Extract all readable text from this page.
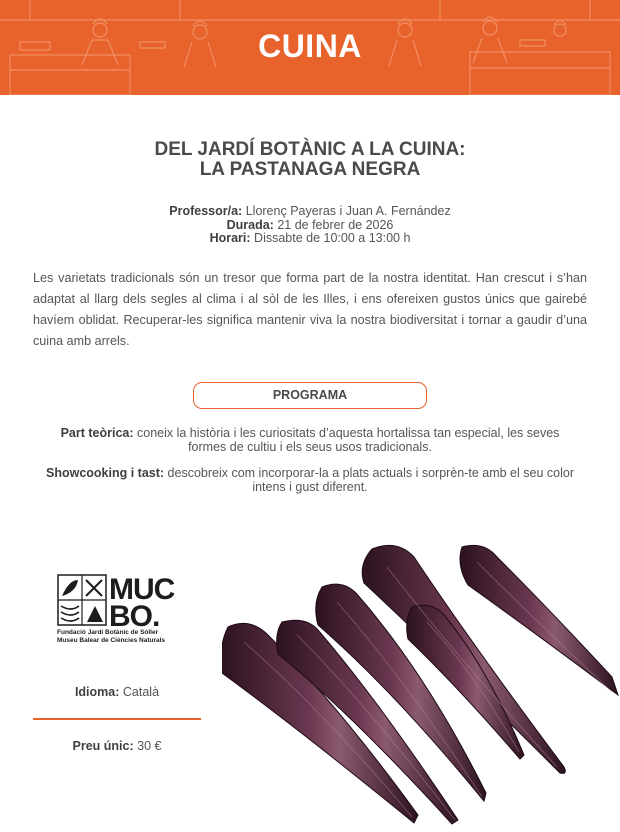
CUINA
DEL JARDÍ BOTÀNIC A LA CUINA:
LA PASTANAGA NEGRA
Professor/a: Llorenç Payeras i Juan A. Fernández
Durada: 21 de febrer de 2026
Horari: Dissabte de 10:00 a 13:00 h

Les varietats tradicionals són un tresor que forma part de la nostra identitat. Han crescut i s’han adaptat al llarg dels segles al clima i al sòl de les Illes, i ens ofereixen gustos únics que gairebé havíem oblidat. Recuperar-les significa mantenir viva la nostra biodiversitat i tornar a gaudir d’una cuina amb arrels.

PROGRAMA
Part teòrica: coneix la història i les curiositats d’aquesta hortalissa tan especial, les seves formes de cultiu i els seus usos tradicionals.
Showcooking i tast: descobreix com incorporar-la a plats actuals i sorprèn-te amb el seu color intens i gust diferent.
MUC
BO.
Fundació Jardí Botànic de Sóller
Museu Balear de Ciències Naturals
Idioma: Català
Preu únic: 30 €
